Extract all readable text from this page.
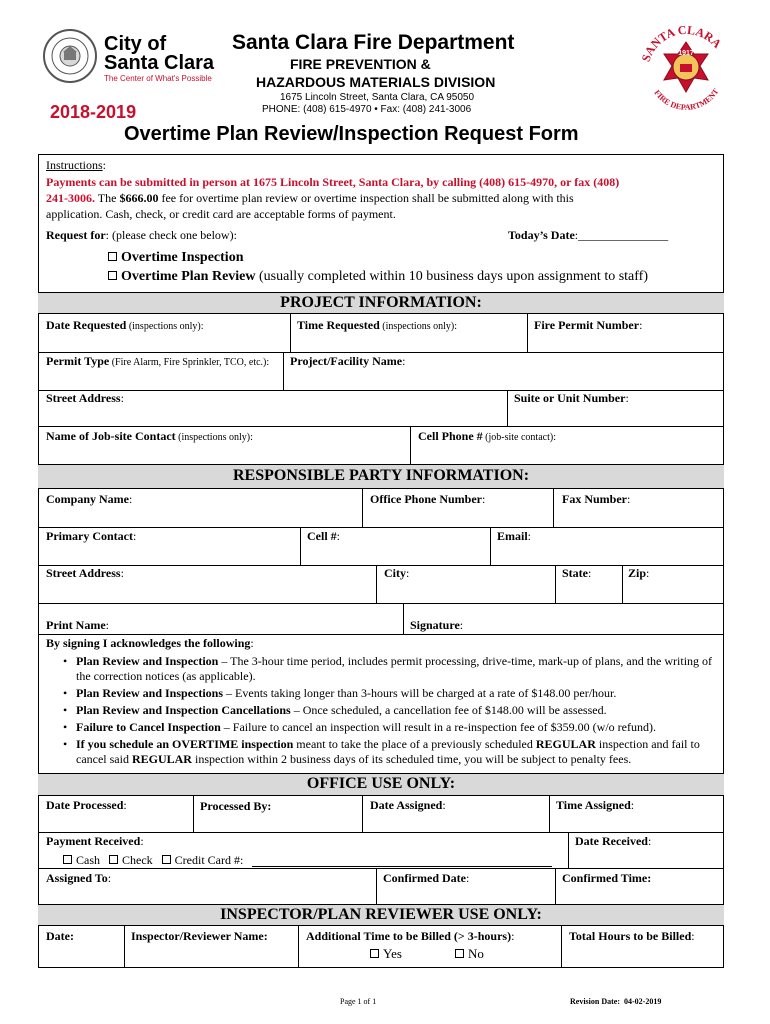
City of
Santa Clara
The Center of What's Possible
Santa Clara Fire Department
FIRE PREVENTION &
HAZARDOUS MATERIALS DIVISION
1675 Lincoln Street, Santa Clara, CA 95050
PHONE: (408) 615-4970 • Fax: (408) 241-3006
2018-2019
Overtime Plan Review/Inspection Request Form
SANTA CLARA
1917
FIRE DEPARTMENT
Instructions:
Payments can be submitted in person at 1675 Lincoln Street, Santa Clara, by calling (408) 615-4970, or fax (408)
241-3006. The $666.00 fee for overtime plan review or overtime inspection shall be submitted along with this
application. Cash, check, or credit card are acceptable forms of payment.
Request for: (please check one below):	Today’s Date:_______________
Overtime Inspection
Overtime Plan Review (usually completed within 10 business days upon assignment to staff)
PROJECT INFORMATION:
Date Requested (inspections only):	Time Requested (inspections only):	Fire Permit Number:
Permit Type (Fire Alarm, Fire Sprinkler, TCO, etc.): Project/Facility Name:
Street Address:	Suite or Unit Number:
Name of Job-site Contact (inspections only):	Cell Phone # (job-site contact):
RESPONSIBLE PARTY INFORMATION:
Company Name:	Office Phone Number:	Fax Number:
Primary Contact:	Cell #:	Email:
Street Address:	City:	State:	Zip:
Print Name:	Signature:
By signing I acknowledges the following:
• Plan Review and Inspection – The 3-hour time period, includes permit processing, drive-time, mark-up of plans, and the writing of the correction notices (as applicable).
• Plan Review and Inspections – Events taking longer than 3-hours will be charged at a rate of $148.00 per/hour.
• Plan Review and Inspection Cancellations – Once scheduled, a cancellation fee of $148.00 will be assessed.
• Failure to Cancel Inspection – Failure to cancel an inspection will result in a re-inspection fee of $359.00 (w/o refund).
• If you schedule an OVERTIME inspection meant to take the place of a previously scheduled REGULAR inspection and fail to cancel said REGULAR inspection within 2 business days of its scheduled time, you will be subject to penalty fees.
OFFICE USE ONLY:
Date Processed:	Processed By:	Date Assigned:	Time Assigned:
Payment Received:	Date Received:
Cash Check Credit Card #:
Assigned To:	Confirmed Date:	Confirmed Time:
INSPECTOR/PLAN REVIEWER USE ONLY:
Date:	Inspector/Reviewer Name:	Additional Time to be Billed (> 3-hours):
Yes	No
Total Hours to be Billed:
Page 1 of 1	Revision Date:  04-02-2019
